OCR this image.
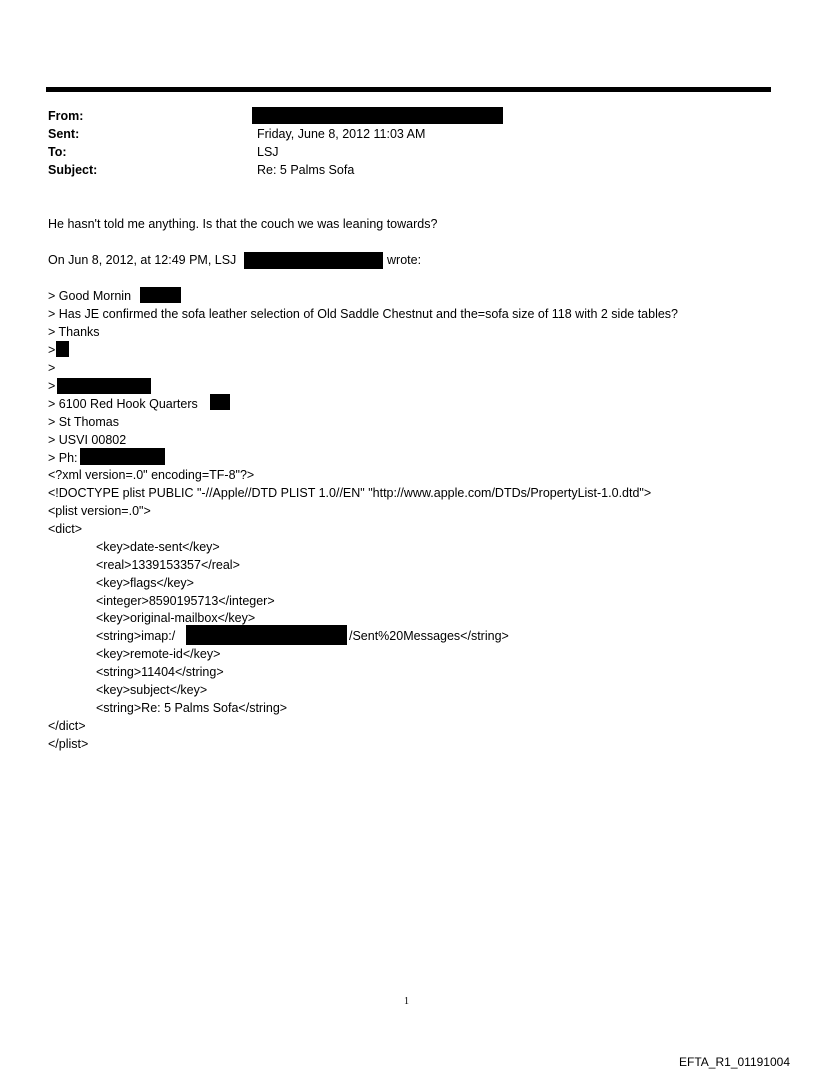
From:
Sent:	Friday, June 8, 2012 11:03 AM
To:	LSJ
Subject:	Re: 5 Palms Sofa
He hasn't told me anything. Is that the couch we was leaning towards?
On Jun 8, 2012, at 12:49 PM, LSJ	wrote:
> Good Mornin
> Has JE confirmed the sofa leather selection of Old Saddle Chestnut and the=sofa size of 118 with 2 side tables?
> Thanks
>
>
>
> 6100 Red Hook Quarters
> St Thomas
> USVI 00802
> Ph:
<?xml version=.0" encoding=TF-8"?>
<!DOCTYPE plist PUBLIC "-//Apple//DTD PLIST 1.0//EN" "http://www.apple.com/DTDs/PropertyList-1.0.dtd">
<plist version=.0">
<dict>
<key>date-sent</key>
<real>1339153357</real>
<key>flags</key>
<integer>8590195713</integer>
<key>original-mailbox</key>
<string>imap:/	/Sent%20Messages</string>
<key>remote-id</key>
<string>11404</string>
<key>subject</key>
<string>Re: 5 Palms Sofa</string>
</dict>
</plist>
1
EFTA_R1_01191004
